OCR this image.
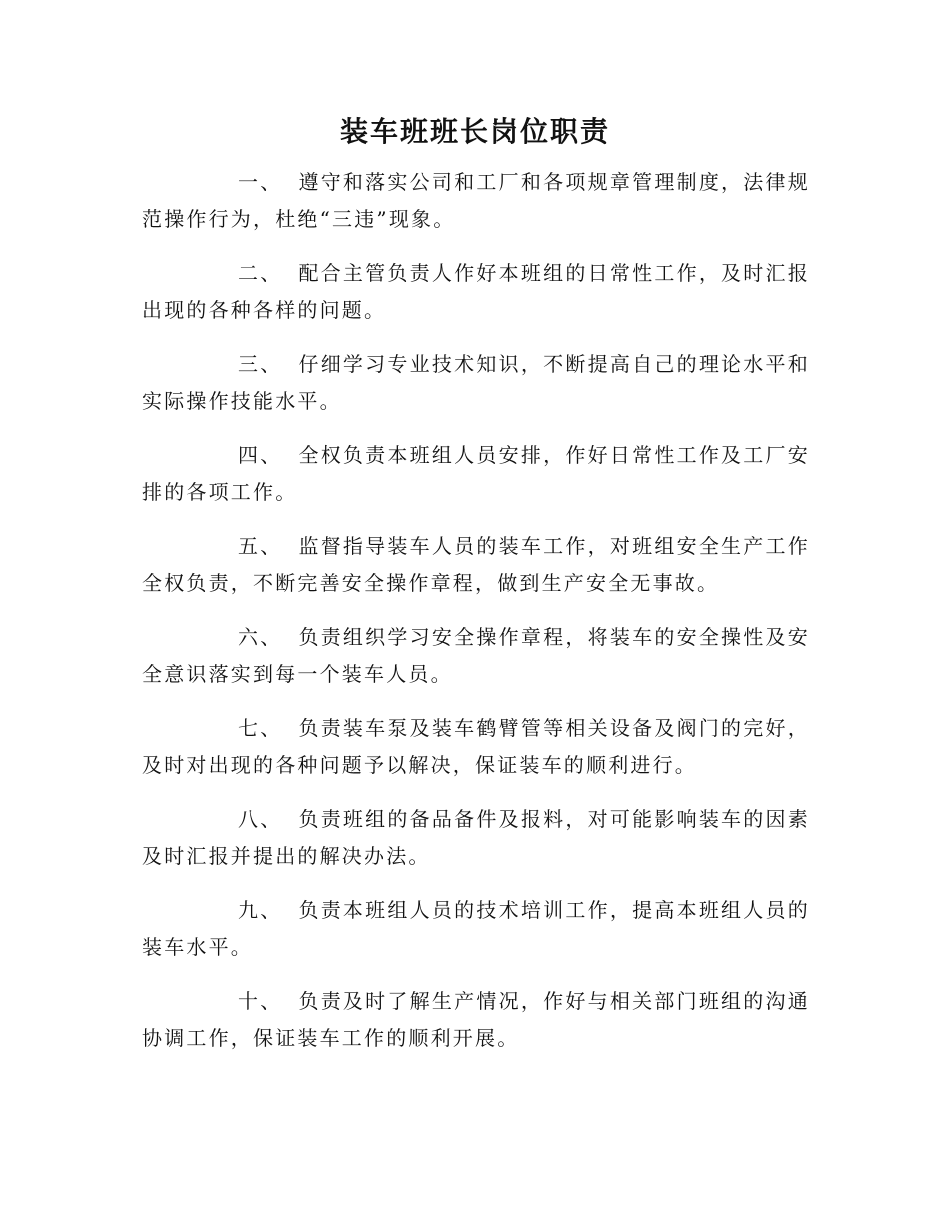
装车班班长岗位职责

一、 遵守和落实公司和工厂和各项规章管理制度，法律规范操作行为，杜绝“三违”现象。

二、 配合主管负责人作好本班组的日常性工作，及时汇报出现的各种各样的问题。

三、 仔细学习专业技术知识，不断提高自己的理论水平和实际操作技能水平。

四、 全权负责本班组人员安排，作好日常性工作及工厂安排的各项工作。

五、 监督指导装车人员的装车工作，对班组安全生产工作全权负责，不断完善安全操作章程，做到生产安全无事故。

六、 负责组织学习安全操作章程，将装车的安全操性及安全意识落实到每一个装车人员。

七、 负责装车泵及装车鹤臂管等相关设备及阀门的完好，及时对出现的各种问题予以解决，保证装车的顺利进行。

八、 负责班组的备品备件及报料，对可能影响装车的因素及时汇报并提出的解决办法。

九、 负责本班组人员的技术培训工作，提高本班组人员的装车水平。

十、 负责及时了解生产情况，作好与相关部门班组的沟通协调工作，保证装车工作的顺利开展。
